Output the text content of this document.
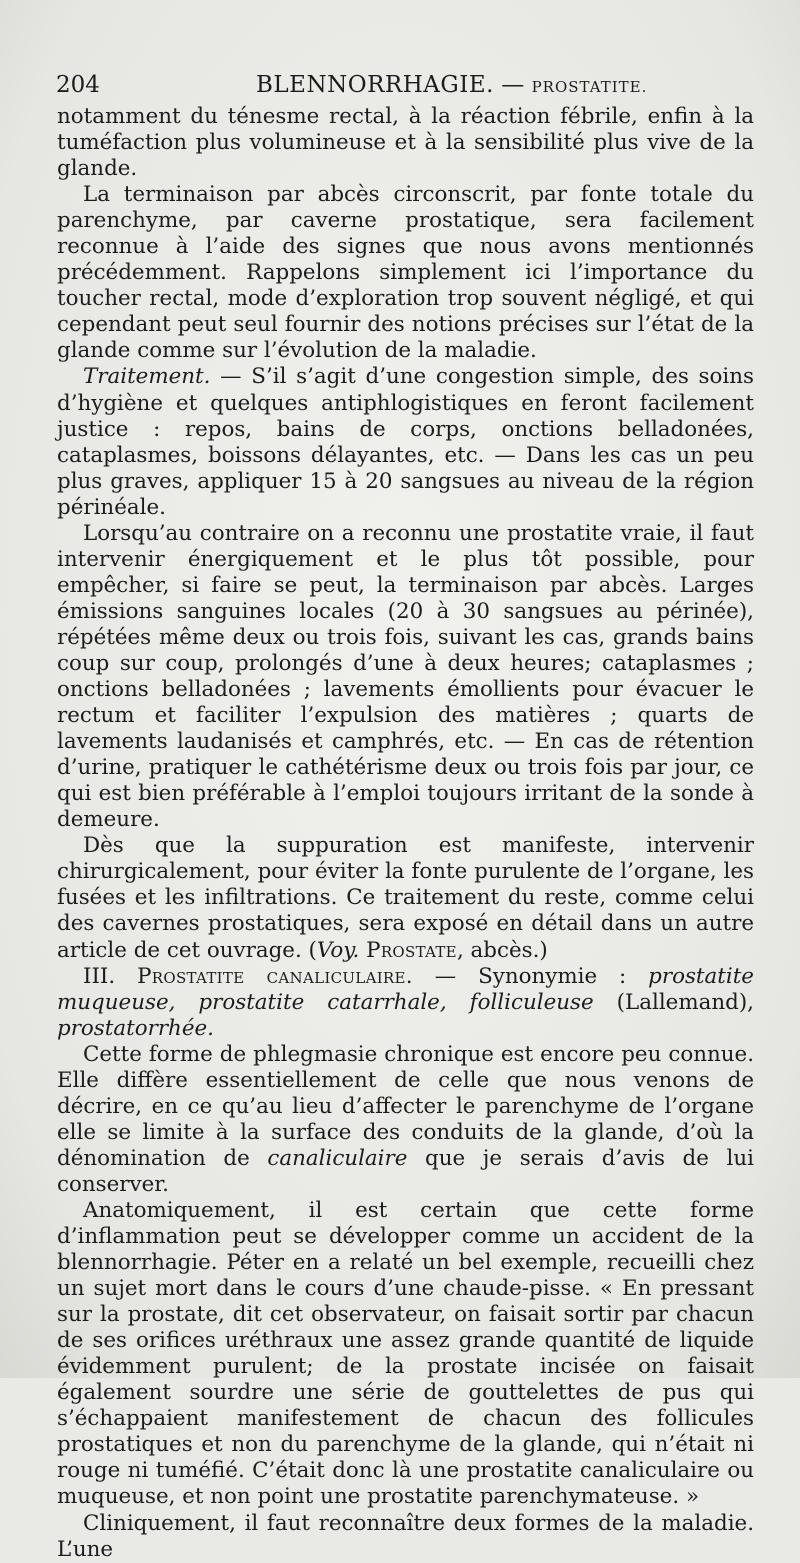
204	BLENNORRHAGIE. — PROSTATITE.

notamment du ténesme rectal, à la réaction fébrile, enfin à la tuméfaction plus volumineuse et à la sensibilité plus vive de la glande.

La terminaison par abcès circonscrit, par fonte totale du parenchyme, par caverne prostatique, sera facilement reconnue à l’aide des signes que nous avons mentionnés précédemment. Rappelons simplement ici l’importance du toucher rectal, mode d’exploration trop souvent négligé, et qui cependant peut seul fournir des notions précises sur l’état de la glande comme sur l’évolution de la maladie.

Traitement. — S’il s’agit d’une congestion simple, des soins d’hygiène et quelques antiphlogistiques en feront facilement justice : repos, bains de corps, onctions belladonées, cataplasmes, boissons délayantes, etc. — Dans les cas un peu plus graves, appliquer 15 à 20 sangsues au niveau de la région périnéale.

Lorsqu’au contraire on a reconnu une prostatite vraie, il faut intervenir énergiquement et le plus tôt possible, pour empêcher, si faire se peut, la terminaison par abcès. Larges émissions sanguines locales (20 à 30 sangsues au périnée), répétées même deux ou trois fois, suivant les cas, grands bains coup sur coup, prolongés d’une à deux heures; cataplasmes ; onctions belladonées ; lavements émollients pour évacuer le rectum et faciliter l’expulsion des matières ; quarts de lavements laudanisés et camphrés, etc. — En cas de rétention d’urine, pratiquer le cathétérisme deux ou trois fois par jour, ce qui est bien préférable à l’emploi toujours irritant de la sonde à demeure.

Dès que la suppuration est manifeste, intervenir chirurgicalement, pour éviter la fonte purulente de l’organe, les fusées et les infiltrations. Ce traitement du reste, comme celui des cavernes prostatiques, sera exposé en détail dans un autre article de cet ouvrage. (Voy. Prostate, abcès.)

III. Prostatite canaliculaire. — Synonymie : prostatite muqueuse, prostatite catarrhale, folliculeuse (Lallemand), prostatorrhée.

Cette forme de phlegmasie chronique est encore peu connue. Elle diffère essentiellement de celle que nous venons de décrire, en ce qu’au lieu d’affecter le parenchyme de l’organe elle se limite à la surface des conduits de la glande, d’où la dénomination de canaliculaire que je serais d’avis de lui conserver.

Anatomiquement, il est certain que cette forme d’inflammation peut se développer comme un accident de la blennorrhagie. Péter en a relaté un bel exemple, recueilli chez un sujet mort dans le cours d’une chaude-pisse. « En pressant sur la prostate, dit cet observateur, on faisait sortir par chacun de ses orifices uréthraux une assez grande quantité de liquide évidemment purulent; de la prostate incisée on faisait également sourdre une série de gouttelettes de pus qui s’échappaient manifestement de chacun des follicules prostatiques et non du parenchyme de la glande, qui n’était ni rouge ni tuméfié. C’était donc là une prostatite canaliculaire ou muqueuse, et non point une prostatite parenchymateuse. »

Cliniquement, il faut reconnaître deux formes de la maladie. L’une
